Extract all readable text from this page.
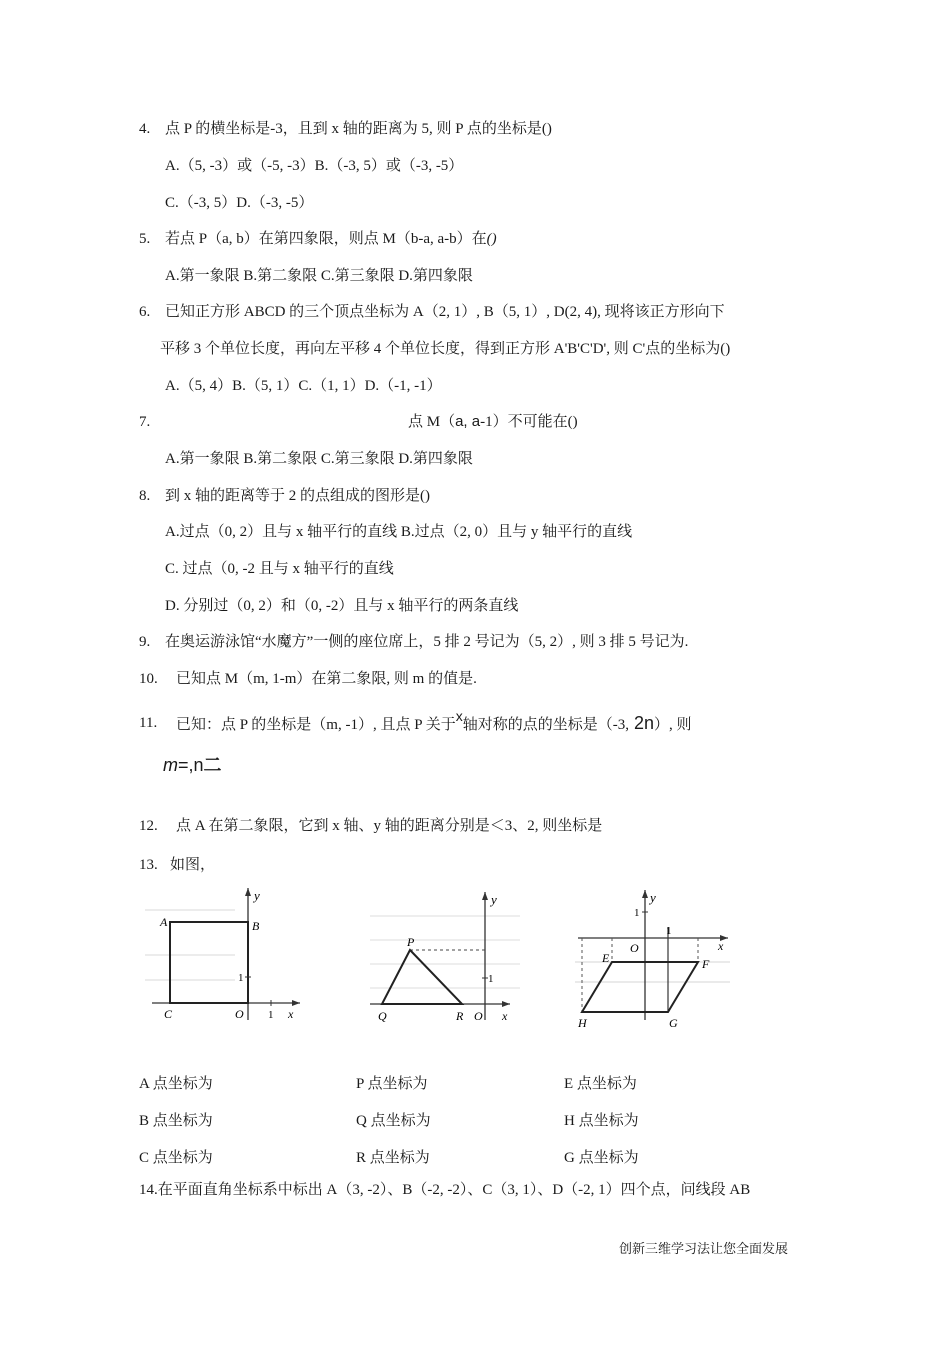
4. 点 P 的横坐标是-3，且到 x 轴的距离为 5, 则 P 点的坐标是()
A.（5, -3）或（-5, -3）B.（-3, 5）或（-3, -5）
C.（-3, 5）D.（-3, -5）
5. 若点 P（a, b）在第四象限，则点 M（b-a, a-b）在()
A.第一象限 B.第二象限 C.第三象限 D.第四象限
6. 已知正方形 ABCD 的三个顶点坐标为 A（2, 1）, B（5, 1）, D(2, 4), 现将该正方形向下
平移 3 个单位长度，再向左平移 4 个单位长度，得到正方形 A'B'C'D', 则 C'点的坐标为()
A.（5, 4）B.（5, 1）C.（1, 1）D.（-1, -1）
7.	点 M（a, a-1）不可能在()
A.第一象限 B.第二象限 C.第三象限 D.第四象限
8. 到 x 轴的距离等于 2 的点组成的图形是()
A.过点（0, 2）且与 x 轴平行的直线 B.过点（2, 0）且与 y 轴平行的直线
C. 过点（0, -2 且与 x 轴平行的直线
D. 分别过（0, 2）和（0, -2）且与 x 轴平行的两条直线
9. 在奥运游泳馆“水魔方”一侧的座位席上，5 排 2 号记为（5, 2）, 则 3 排 5 号记为.
10. 已知点 M（m, 1-m）在第二象限, 则 m 的值是.
11. 已知：点 P 的坐标是（m, -1）, 且点 P 关于x轴对称的点的坐标是（-3, 2n）, 则
m=,n二
12. 点 A 在第二象限，它到 x 轴、y 轴的距离分别是＜3、2, 则坐标是
13. 如图，
y
A	B
C	O 1
1
x
y
P
Q	R O
1
x
y
1
O
1
E	F
H	G
x
A 点坐标为	P 点坐标为	E 点坐标为
B 点坐标为	Q 点坐标为	H 点坐标为
C 点坐标为	R 点坐标为	G 点坐标为
14.在平面直角坐标系中标出 A（3, -2）、B（-2, -2）、C（3, 1）、D（-2, 1）四个点，问线段 AB
创新三维学习法让您全面发展
